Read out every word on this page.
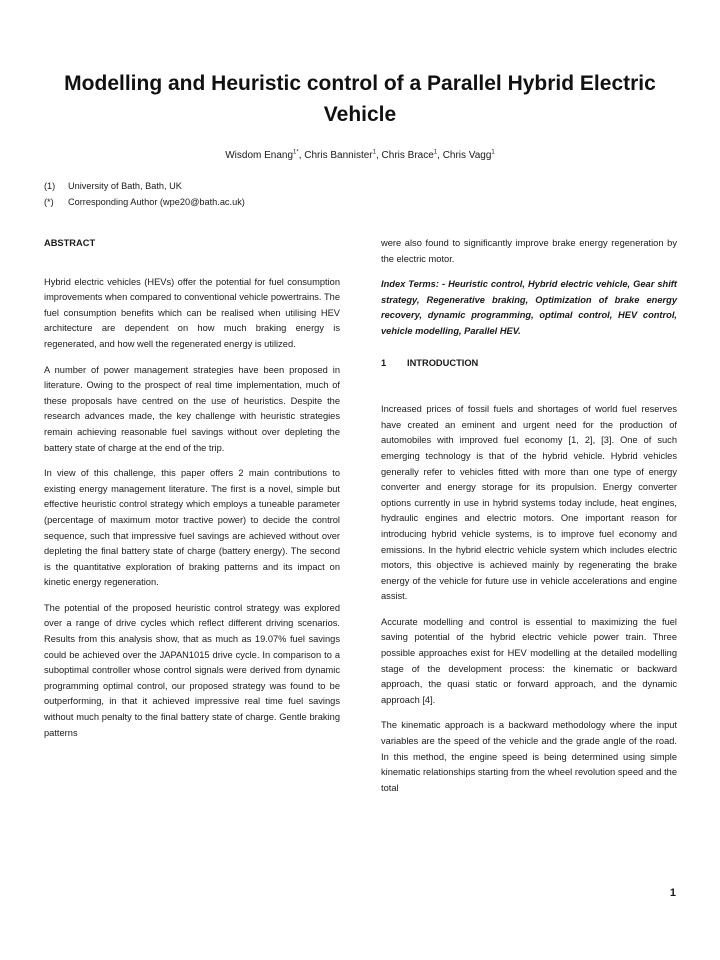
Modelling and Heuristic control of a Parallel Hybrid Electric Vehicle
Wisdom Enang$^{1*}$, Chris Bannister$^1$, Chris Brace$^1$, Chris Vagg$^1$
(1)	University of Bath, Bath, UK
(*)	Corresponding Author (wpe20@bath.ac.uk)
ABSTRACT

Hybrid electric vehicles (HEVs) offer the potential for fuel consumption improvements when compared to conventional vehicle powertrains. The fuel consumption benefits which can be realised when utilising HEV architecture are dependent on how much braking energy is regenerated, and how well the regenerated energy is utilized.

A number of power management strategies have been proposed in literature. Owing to the prospect of real time implementation, much of these proposals have centred on the use of heuristics. Despite the research advances made, the key challenge with heuristic strategies remain achieving reasonable fuel savings without over depleting the battery state of charge at the end of the trip.

In view of this challenge, this paper offers 2 main contributions to existing energy management literature. The first is a novel, simple but effective heuristic control strategy which employs a tuneable parameter (percentage of maximum motor tractive power) to decide the control sequence, such that impressive fuel savings are achieved without over depleting the final battery state of charge (battery energy). The second is the quantitative exploration of braking patterns and its impact on kinetic energy regeneration.

The potential of the proposed heuristic control strategy was explored over a range of drive cycles which reflect different driving scenarios. Results from this analysis show, that as much as 19.07% fuel savings could be achieved over the JAPAN1015 drive cycle. In comparison to a suboptimal controller whose control signals were derived from dynamic programming optimal control, our proposed strategy was found to be outperforming, in that it achieved impressive real time fuel savings without much penalty to the final battery state of charge. Gentle braking patterns

were also found to significantly improve brake energy regeneration by the electric motor.

Index Terms: - Heuristic control, Hybrid electric vehicle, Gear shift strategy, Regenerative braking, Optimization of brake energy recovery, dynamic programming, optimal control, HEV control, vehicle modelling, Parallel HEV.

1 INTRODUCTION

Increased prices of fossil fuels and shortages of world fuel reserves have created an eminent and urgent need for the production of automobiles with improved fuel economy [1, 2], [3]. One of such emerging technology is that of the hybrid vehicle. Hybrid vehicles generally refer to vehicles fitted with more than one type of energy converter and energy storage for its propulsion. Energy converter options currently in use in hybrid systems today include, heat engines, hydraulic engines and electric motors. One important reason for introducing hybrid vehicle systems, is to improve fuel economy and emissions. In the hybrid electric vehicle system which includes electric motors, this objective is achieved mainly by regenerating the brake energy of the vehicle for future use in vehicle accelerations and engine assist.

Accurate modelling and control is essential to maximizing the fuel saving potential of the hybrid electric vehicle power train. Three possible approaches exist for HEV modelling at the detailed modelling stage of the development process: the kinematic or backward approach, the quasi static or forward approach, and the dynamic approach [4].

The kinematic approach is a backward methodology where the input variables are the speed of the vehicle and the grade angle of the road. In this method, the engine speed is being determined using simple kinematic relationships starting from the wheel revolution speed and the total

1
